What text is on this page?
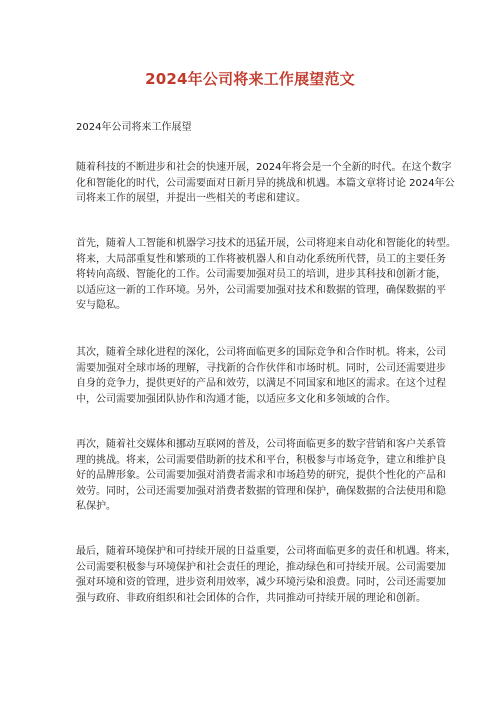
2024年公司将来工作展望范文
2024年公司将来工作展望
随着科技的不断进步和社会的快速开展，2024年将会是一个全新的时代。在这个数字
化和智能化的时代，公司需要面对日新月异的挑战和机遇。本篇文章将讨论 2024年公
司将来工作的展望，并提出一些相关的考虑和建议。
首先，随着人工智能和机器学习技术的迅猛开展，公司将迎来自动化和智能化的转型。
将来，大局部重复性和繁琐的工作将被机器人和自动化系统所代替，员工的主要任务
将转向高级、智能化的工作。公司需要加强对员工的培训，进步其科技和创新才能，
以适应这一新的工作环境。另外，公司需要加强对技术和数据的管理，确保数据的平
安与隐私。
其次，随着全球化进程的深化，公司将面临更多的国际竞争和合作时机。将来，公司
需要加强对全球市场的理解，寻找新的合作伙伴和市场时机。同时，公司还需要进步
自身的竞争力，提供更好的产品和效劳，以满足不同国家和地区的需求。在这个过程
中，公司需要加强团队协作和沟通才能，以适应多文化和多领域的合作。
再次，随着社交媒体和挪动互联网的普及，公司将面临更多的数字营销和客户关系管
理的挑战。将来，公司需要借助新的技术和平台，积极参与市场竞争，建立和维护良
好的品牌形象。公司需要加强对消费者需求和市场趋势的研究，提供个性化的产品和
效劳。同时，公司还需要加强对消费者数据的管理和保护，确保数据的合法使用和隐
私保护。
最后，随着环境保护和可持续开展的日益重要，公司将面临更多的责任和机遇。将来，
公司需要积极参与环境保护和社会责任的理论，推动绿色和可持续开展。公司需要加
强对环境和资的管理，进步资利用效率，减少环境污染和浪费。同时，公司还需要加
强与政府、非政府组织和社会团体的合作，共同推动可持续开展的理论和创新。
